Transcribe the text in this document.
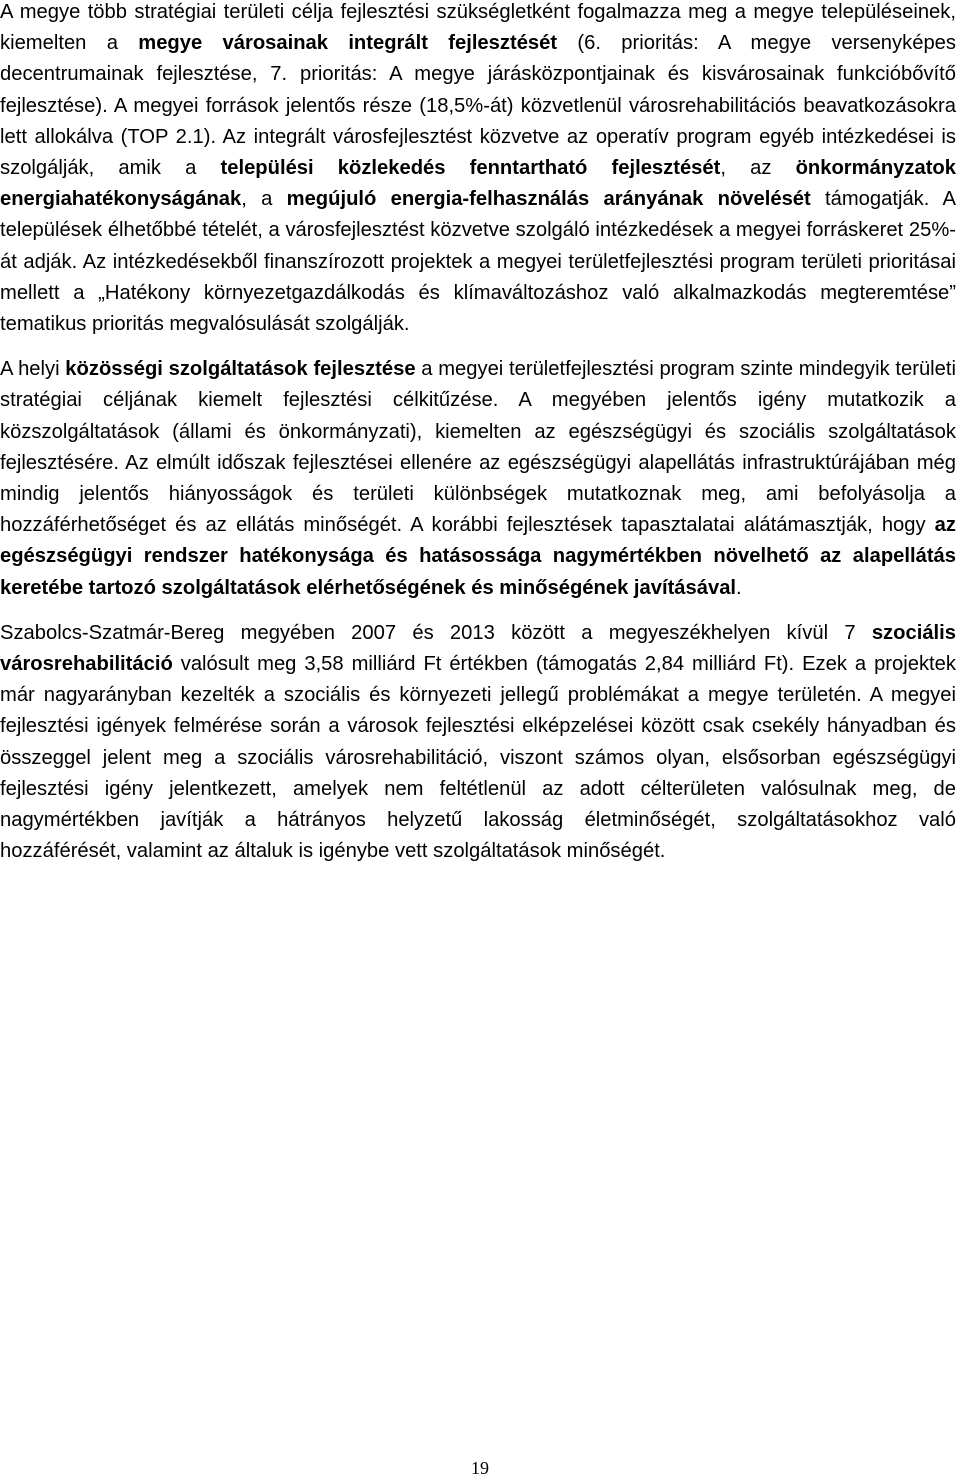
A megye több stratégiai területi célja fejlesztési szükségletként fogalmazza meg a megye településeinek, kiemelten a megye városainak integrált fejlesztését (6. prioritás: A megye versenyképes decentrumainak fejlesztése, 7. prioritás: A megye járásközpontjainak és kisvárosainak funkcióbővítő fejlesztése). A megyei források jelentős része (18,5%-át) közvetlenül városrehabilitációs beavatkozásokra lett allokálva (TOP 2.1). Az integrált városfejlesztést közvetve az operatív program egyéb intézkedései is szolgálják, amik a települési közlekedés fenntartható fejlesztését, az önkormányzatok energiahatékonyságának, a megújuló energia-felhasználás arányának növelését támogatják. A települések élhetőbbé tételét, a városfejlesztést közvetve szolgáló intézkedések a megyei forráskeret 25%-át adják. Az intézkedésekből finanszírozott projektek a megyei területfejlesztési program területi prioritásai mellett a „Hatékony környezetgazdálkodás és klímaváltozáshoz való alkalmazkodás megteremtése” tematikus prioritás megvalósulását szolgálják.

A helyi közösségi szolgáltatások fejlesztése a megyei területfejlesztési program szinte mindegyik területi stratégiai céljának kiemelt fejlesztési célkitűzése. A megyében jelentős igény mutatkozik a közszolgáltatások (állami és önkormányzati), kiemelten az egészségügyi és szociális szolgáltatások fejlesztésére. Az elmúlt időszak fejlesztései ellenére az egészségügyi alapellátás infrastruktúrájában még mindig jelentős hiányosságok és területi különbségek mutatkoznak meg, ami befolyásolja a hozzáférhetőséget és az ellátás minőségét. A korábbi fejlesztések tapasztalatai alátámasztják, hogy az egészségügyi rendszer hatékonysága és hatásossága nagymértékben növelhető az alapellátás keretébe tartozó szolgáltatások elérhetőségének és minőségének javításával.

Szabolcs-Szatmár-Bereg megyében 2007 és 2013 között a megyeszékhelyen kívül 7 szociális városrehabilitáció valósult meg 3,58 milliárd Ft értékben (támogatás 2,84 milliárd Ft). Ezek a projektek már nagyarányban kezelték a szociális és környezeti jellegű problémákat a megye területén. A megyei fejlesztési igények felmérése során a városok fejlesztési elképzelései között csak csekély hányadban és összeggel jelent meg a szociális városrehabilitáció, viszont számos olyan, elsősorban egészségügyi fejlesztési igény jelentkezett, amelyek nem feltétlenül az adott célterületen valósulnak meg, de nagymértékben javítják a hátrányos helyzetű lakosság életminőségét, szolgáltatásokhoz való hozzáférését, valamint az általuk is igénybe vett szolgáltatások minőségét.

19
